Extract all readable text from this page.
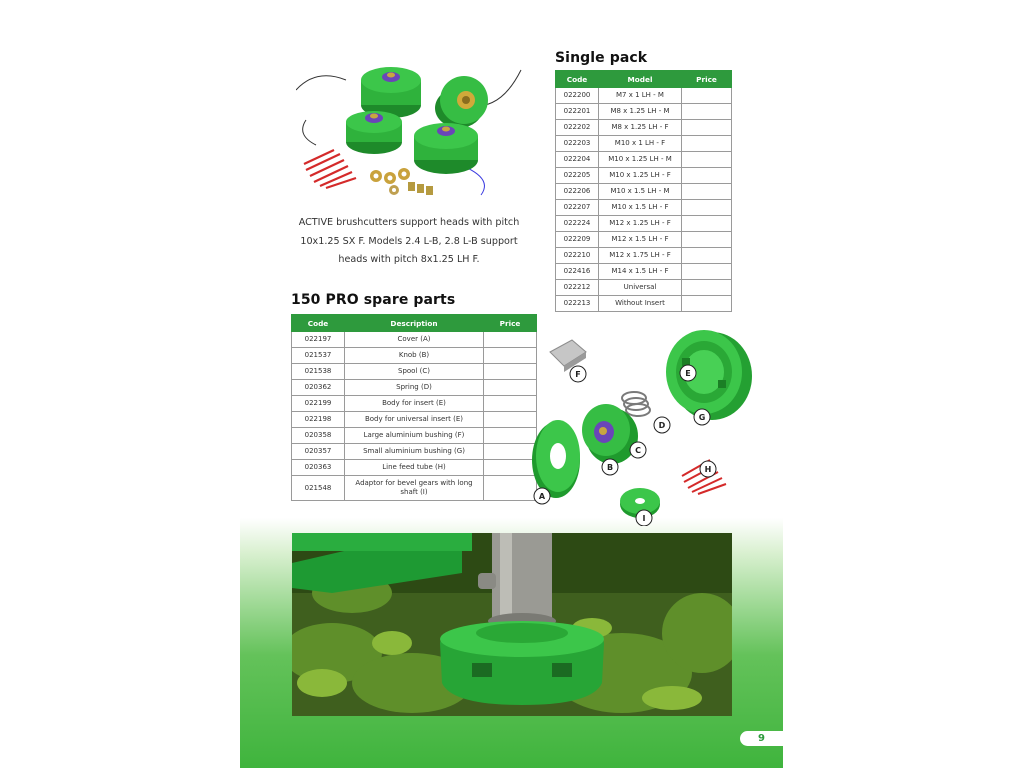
ACTIVE brushcutters support heads with pitch 10x1.25 SX F. Models 2.4 L-B, 2.8 L-B support heads with pitch 8x1.25 LH F.

Single pack
Code	Model	Price
022200	M7 x 1 LH - M	
022201	M8 x 1.25 LH - M	
022202	M8 x 1.25 LH - F	
022203	M10 x 1 LH - F	
022204	M10 x 1.25 LH - M	
022205	M10 x 1.25 LH - F	
022206	M10 x 1.5 LH - M	
022207	M10 x 1.5 LH - F	
022224	M12 x 1.25 LH - F	
022209	M12 x 1.5 LH - F	
022210	M12 x 1.75 LH - F	
022416	M14 x 1.5 LH - F	
022212	Universal	
022213	Without Insert	
150 PRO spare parts
Code	Description	Price
022197	Cover (A)	
021537	Knob (B)	
021538	Spool (C)	
020362	Spring (D)	
022199	Body for insert (E)	
022198	Body for universal insert (E)	
020358	Large aluminium bushing (F)	
020357	Small aluminium bushing (G)	
020363	Line feed tube (H)	
021548	Adaptor for bevel gears with long shaft (I)		A
B
C
D
E
F
G
H
I
9
